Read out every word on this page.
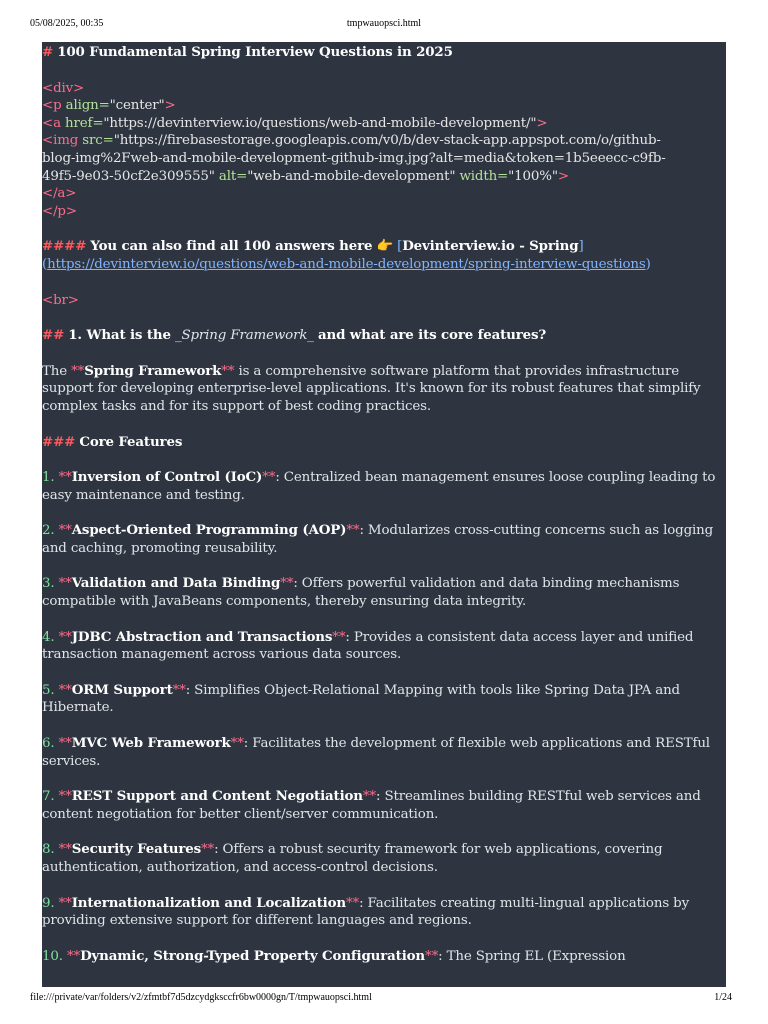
05/08/2025, 00:35	tmpwauopsci.html

# 100 Fundamental Spring Interview Questions in 2025

<div>

<p align="center">

<a href="https://devinterview.io/questions/web-and-mobile-development/">

<img src="https://firebasestorage.googleapis.com/v0/b/dev-stack-app.appspot.com/o/github-

blog-img%2Fweb-and-mobile-development-github-img.jpg?alt=media&token=1b5eeecc-c9fb-

49f5-9e03-50cf2e309555" alt="web-and-mobile-development" width="100%">

</a>

</p>

#### You can also find all 100 answers here 👉 [Devinterview.io - Spring]

(https://devinterview.io/questions/web-and-mobile-development/spring-interview-questions)

<br>

## 1. What is the _Spring Framework_ and what are its core features?

The **Spring Framework** is a comprehensive software platform that provides infrastructure support for developing enterprise-level applications. It's known for its robust features that simplify complex tasks and for its support of best coding practices.

### Core Features

1. **Inversion of Control (IoC)**: Centralized bean management ensures loose coupling leading to easy maintenance and testing.

2. **Aspect-Oriented Programming (AOP)**: Modularizes cross-cutting concerns such as logging and caching, promoting reusability.

3. **Validation and Data Binding**: Offers powerful validation and data binding mechanisms compatible with JavaBeans components, thereby ensuring data integrity.

4. **JDBC Abstraction and Transactions**: Provides a consistent data access layer and unified transaction management across various data sources.

5. **ORM Support**: Simplifies Object-Relational Mapping with tools like Spring Data JPA and Hibernate.

6. **MVC Web Framework**: Facilitates the development of flexible web applications and RESTful services.

7. **REST Support and Content Negotiation**: Streamlines building RESTful web services and content negotiation for better client/server communication.

8. **Security Features**: Offers a robust security framework for web applications, covering authentication, authorization, and access-control decisions.

9. **Internationalization and Localization**: Facilitates creating multi-lingual applications by providing extensive support for different languages and regions.

10. **Dynamic, Strong-Typed Property Configuration**: The Spring EL (Expression

file:///private/var/folders/v2/zfmtbf7d5dzcydgksccfr6bw0000gn/T/tmpwauopsci.html	1/24
